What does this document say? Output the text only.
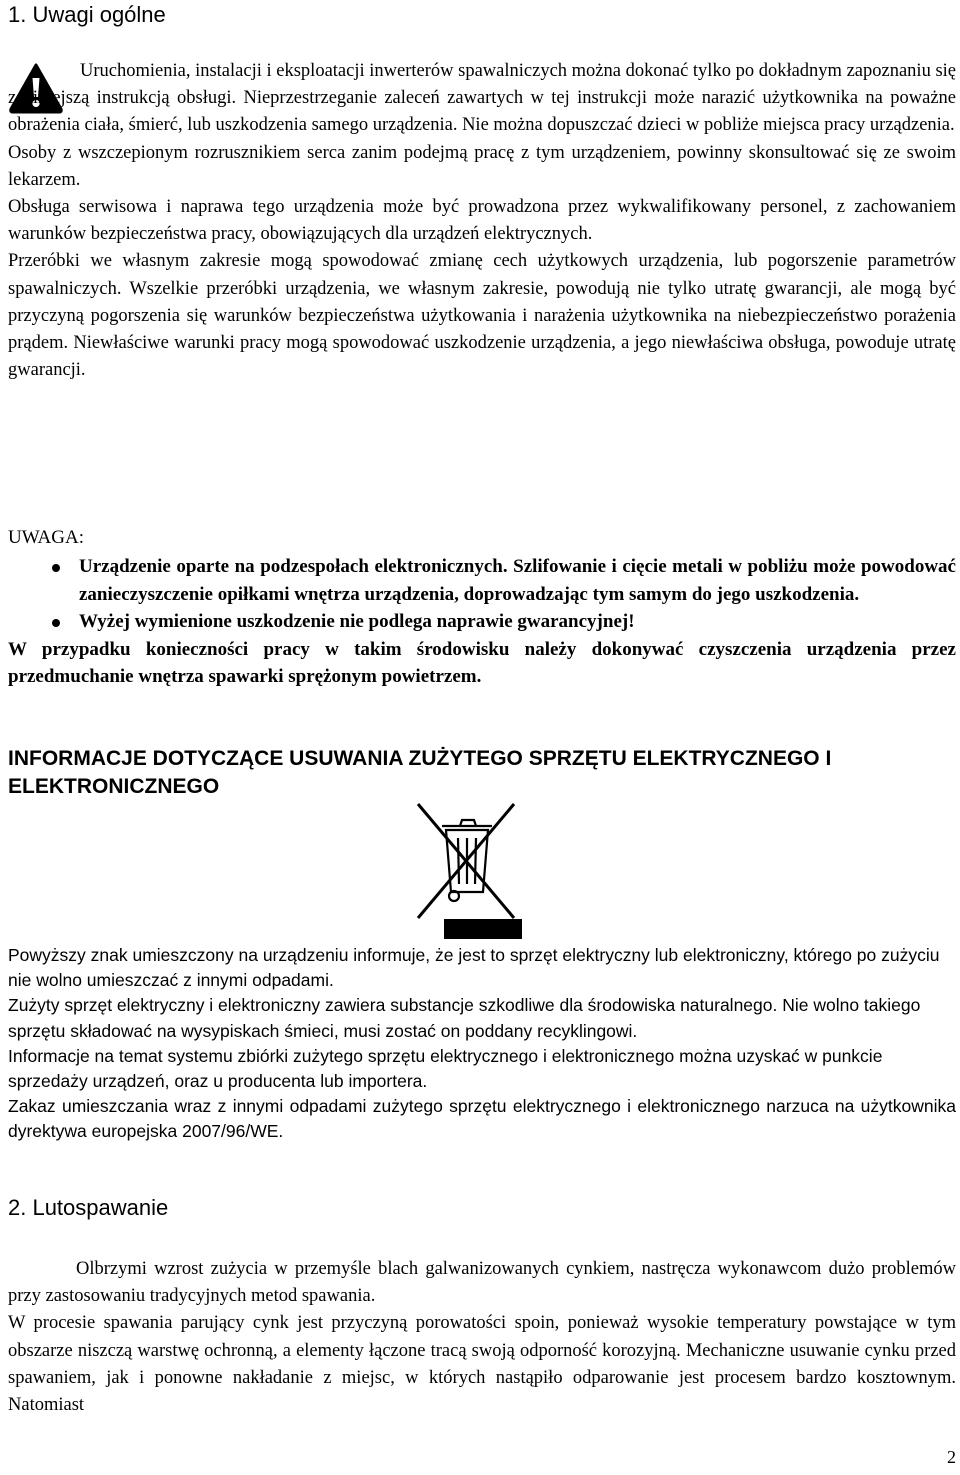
1. Uwagi ogólne

Uruchomienia, instalacji i eksploatacji inwerterów spawalniczych można dokonać tylko po dokładnym zapoznaniu się z niniejszą instrukcją obsługi. Nieprzestrzeganie zaleceń zawartych w tej instrukcji może narazić użytkownika na poważne obrażenia ciała, śmierć, lub uszkodzenia samego urządzenia. Nie można dopuszczać dzieci w pobliże miejsca pracy urządzenia.

Osoby z wszczepionym rozrusznikiem serca zanim podejmą pracę z tym urządzeniem, powinny skonsultować się ze swoim lekarzem.

Obsługa serwisowa i naprawa tego urządzenia może być prowadzona przez wykwalifikowany personel, z zachowaniem warunków bezpieczeństwa pracy, obowiązujących dla urządzeń elektrycznych.

Przeróbki we własnym zakresie mogą spowodować zmianę cech użytkowych urządzenia, lub pogorszenie parametrów spawalniczych. Wszelkie przeróbki urządzenia, we własnym zakresie, powodują nie tylko utratę gwarancji, ale mogą być przyczyną pogorszenia się warunków bezpieczeństwa użytkowania i narażenia użytkownika na niebezpieczeństwo porażenia prądem. Niewłaściwe warunki pracy mogą spowodować uszkodzenie urządzenia, a jego niewłaściwa obsługa, powoduje utratę gwarancji.

UWAGA:

Urządzenie oparte na podzespołach elektronicznych. Szlifowanie i cięcie metali w pobliżu może powodować zanieczyszczenie opiłkami wnętrza urządzenia, doprowadzając tym samym do jego uszkodzenia.

Wyżej wymienione uszkodzenie nie podlega naprawie gwarancyjnej!

W przypadku konieczności pracy w takim środowisku należy dokonywać czyszczenia urządzenia przez przedmuchanie wnętrza spawarki sprężonym powietrzem.

INFORMACJE DOTYCZĄCE USUWANIA ZUŻYTEGO SPRZĘTU ELEKTRYCZNEGO I ELEKTRONICZNEGO

Powyższy znak umieszczony na urządzeniu informuje, że jest to sprzęt elektryczny lub elektroniczny, którego po zużyciu nie wolno umieszczać z innymi odpadami.

Zużyty sprzęt elektryczny i elektroniczny zawiera substancje szkodliwe dla środowiska naturalnego. Nie wolno takiego sprzętu składować na wysypiskach śmieci, musi zostać on poddany recyklingowi.

Informacje na temat systemu zbiórki zużytego sprzętu elektrycznego i elektronicznego można uzyskać w punkcie sprzedaży urządzeń, oraz u producenta lub importera.

Zakaz umieszczania wraz z innymi odpadami zużytego sprzętu elektrycznego i elektronicznego narzuca na użytkownika dyrektywa europejska 2007/96/WE.

2. Lutospawanie

Olbrzymi wzrost zużycia w przemyśle blach galwanizowanych cynkiem, nastręcza wykonawcom dużo problemów przy zastosowaniu tradycyjnych metod spawania.

W procesie spawania parujący cynk jest przyczyną porowatości spoin, ponieważ wysokie temperatury powstające w tym obszarze niszczą warstwę ochronną, a elementy łączone tracą swoją odporność korozyjną. Mechaniczne usuwanie cynku przed spawaniem, jak i ponowne nakładanie z miejsc, w których nastąpiło odparowanie jest procesem bardzo kosztownym. Natomiast

2
